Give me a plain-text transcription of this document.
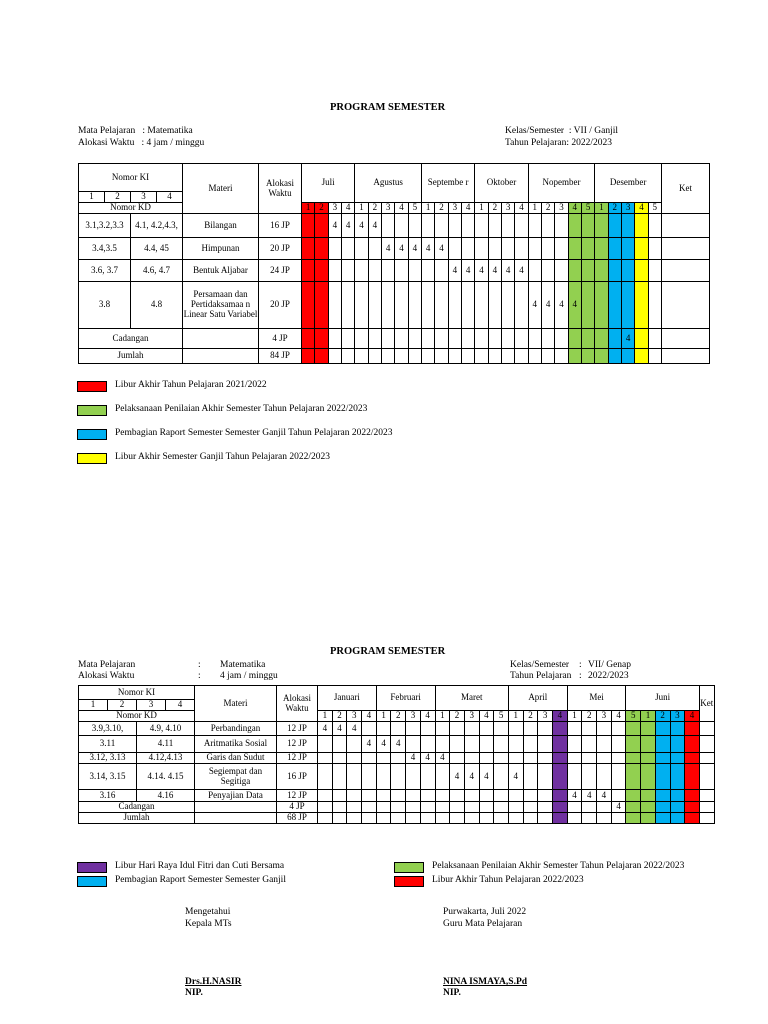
PROGRAM SEMESTER
Mata Pelajaran   : Matematika
Alokasi Waktu   : 4 jam / minggu
Kelas/Semester  : VII / Ganjil
Tahun Pelajaran: 2022/2023
Nomor KI				Materi	Alokasi Waktu	Juli				Agustus					Septembe r				Oktober				Nopember					Desember					Ket
1	2	3	4																														
Nomor KD						1	2	3	4	1	2	3	4	5	1	2	3	4	1	2	3	4	1	2	3	4	5	1	2	3	4	5	
3.1,3.2,3.3		4.1, 4.2,4.3,		Bilangan	16 JP			4	4	4	4																						
3.4,3.5		4.4, 45		Himpunan	20 JP							4	4	4	4	4																	
3.6, 3.7		4.6, 4.7		Bentuk Aljabar	24 JP												4	4	4	4	4	4											
3.8		4.8		Persamaan dan Pertidaksamaa n Linear Satu Variabel	20 JP																		4	4	4	4							
Cadangan					4 JP																									4			
Jumlah					84 JP																												
Libur Akhir Tahun Pelajaran 2021/2022
Pelaksanaan Penilaian Akhir Semester Tahun Pelajaran 2022/2023
Pembagian Raport Semester Semester Ganjil Tahun Pelajaran 2022/2023
Libur Akhir Semester Ganjil Tahun Pelajaran 2022/2023
PROGRAM SEMESTER
Mata Pelajaran	: Matematika
Alokasi Waktu	: 4 jam / minggu
Kelas/Semester : VII/ Genap
Tahun Pelajaran : 2022/2023
Nomor KI				Materi	Alokasi Waktu	Januari				Februari				Maret					April				Mei				Juni					Ket
1	2	3	4																													
Nomor KD						1	2	3	4	1	2	3	4	1	2	3	4	5	1	2	3	4	1	2	3	4	5	1	2	3	4	
3.9,3.10,		4.9, 4.10		Perbandingan	12 JP	4	4	4																								
3.11		4.11		Aritmatika Sosial	12 JP				4	4	4																					
3.12, 3.13		4.12,4.13		Garis dan Sudut	12 JP							4	4	4																		
3.14, 3.15		4.14. 4.15		Segiempat dan Segitiga	16 JP										4	4	4		4													
3.16		4.16		Penyajian Data	12 JP																		4	4	4							
Cadangan					4 JP																					4						
Jumlah					68 JP																											
Libur Hari Raya Idul Fitri dan Cuti Bersama	Pelaksanaan Penilaian Akhir Semester Tahun Pelajaran 2022/2023
Pembagian Raport Semester Semester Ganjil	Libur Akhir Tahun Pelajaran 2022/2023
Mengetahui
Kepala MTs
Drs.H.NASIR
NIP.
Purwakarta, Juli 2022
Guru Mata Pelajaran
NINA ISMAYA,S.Pd
NIP.
